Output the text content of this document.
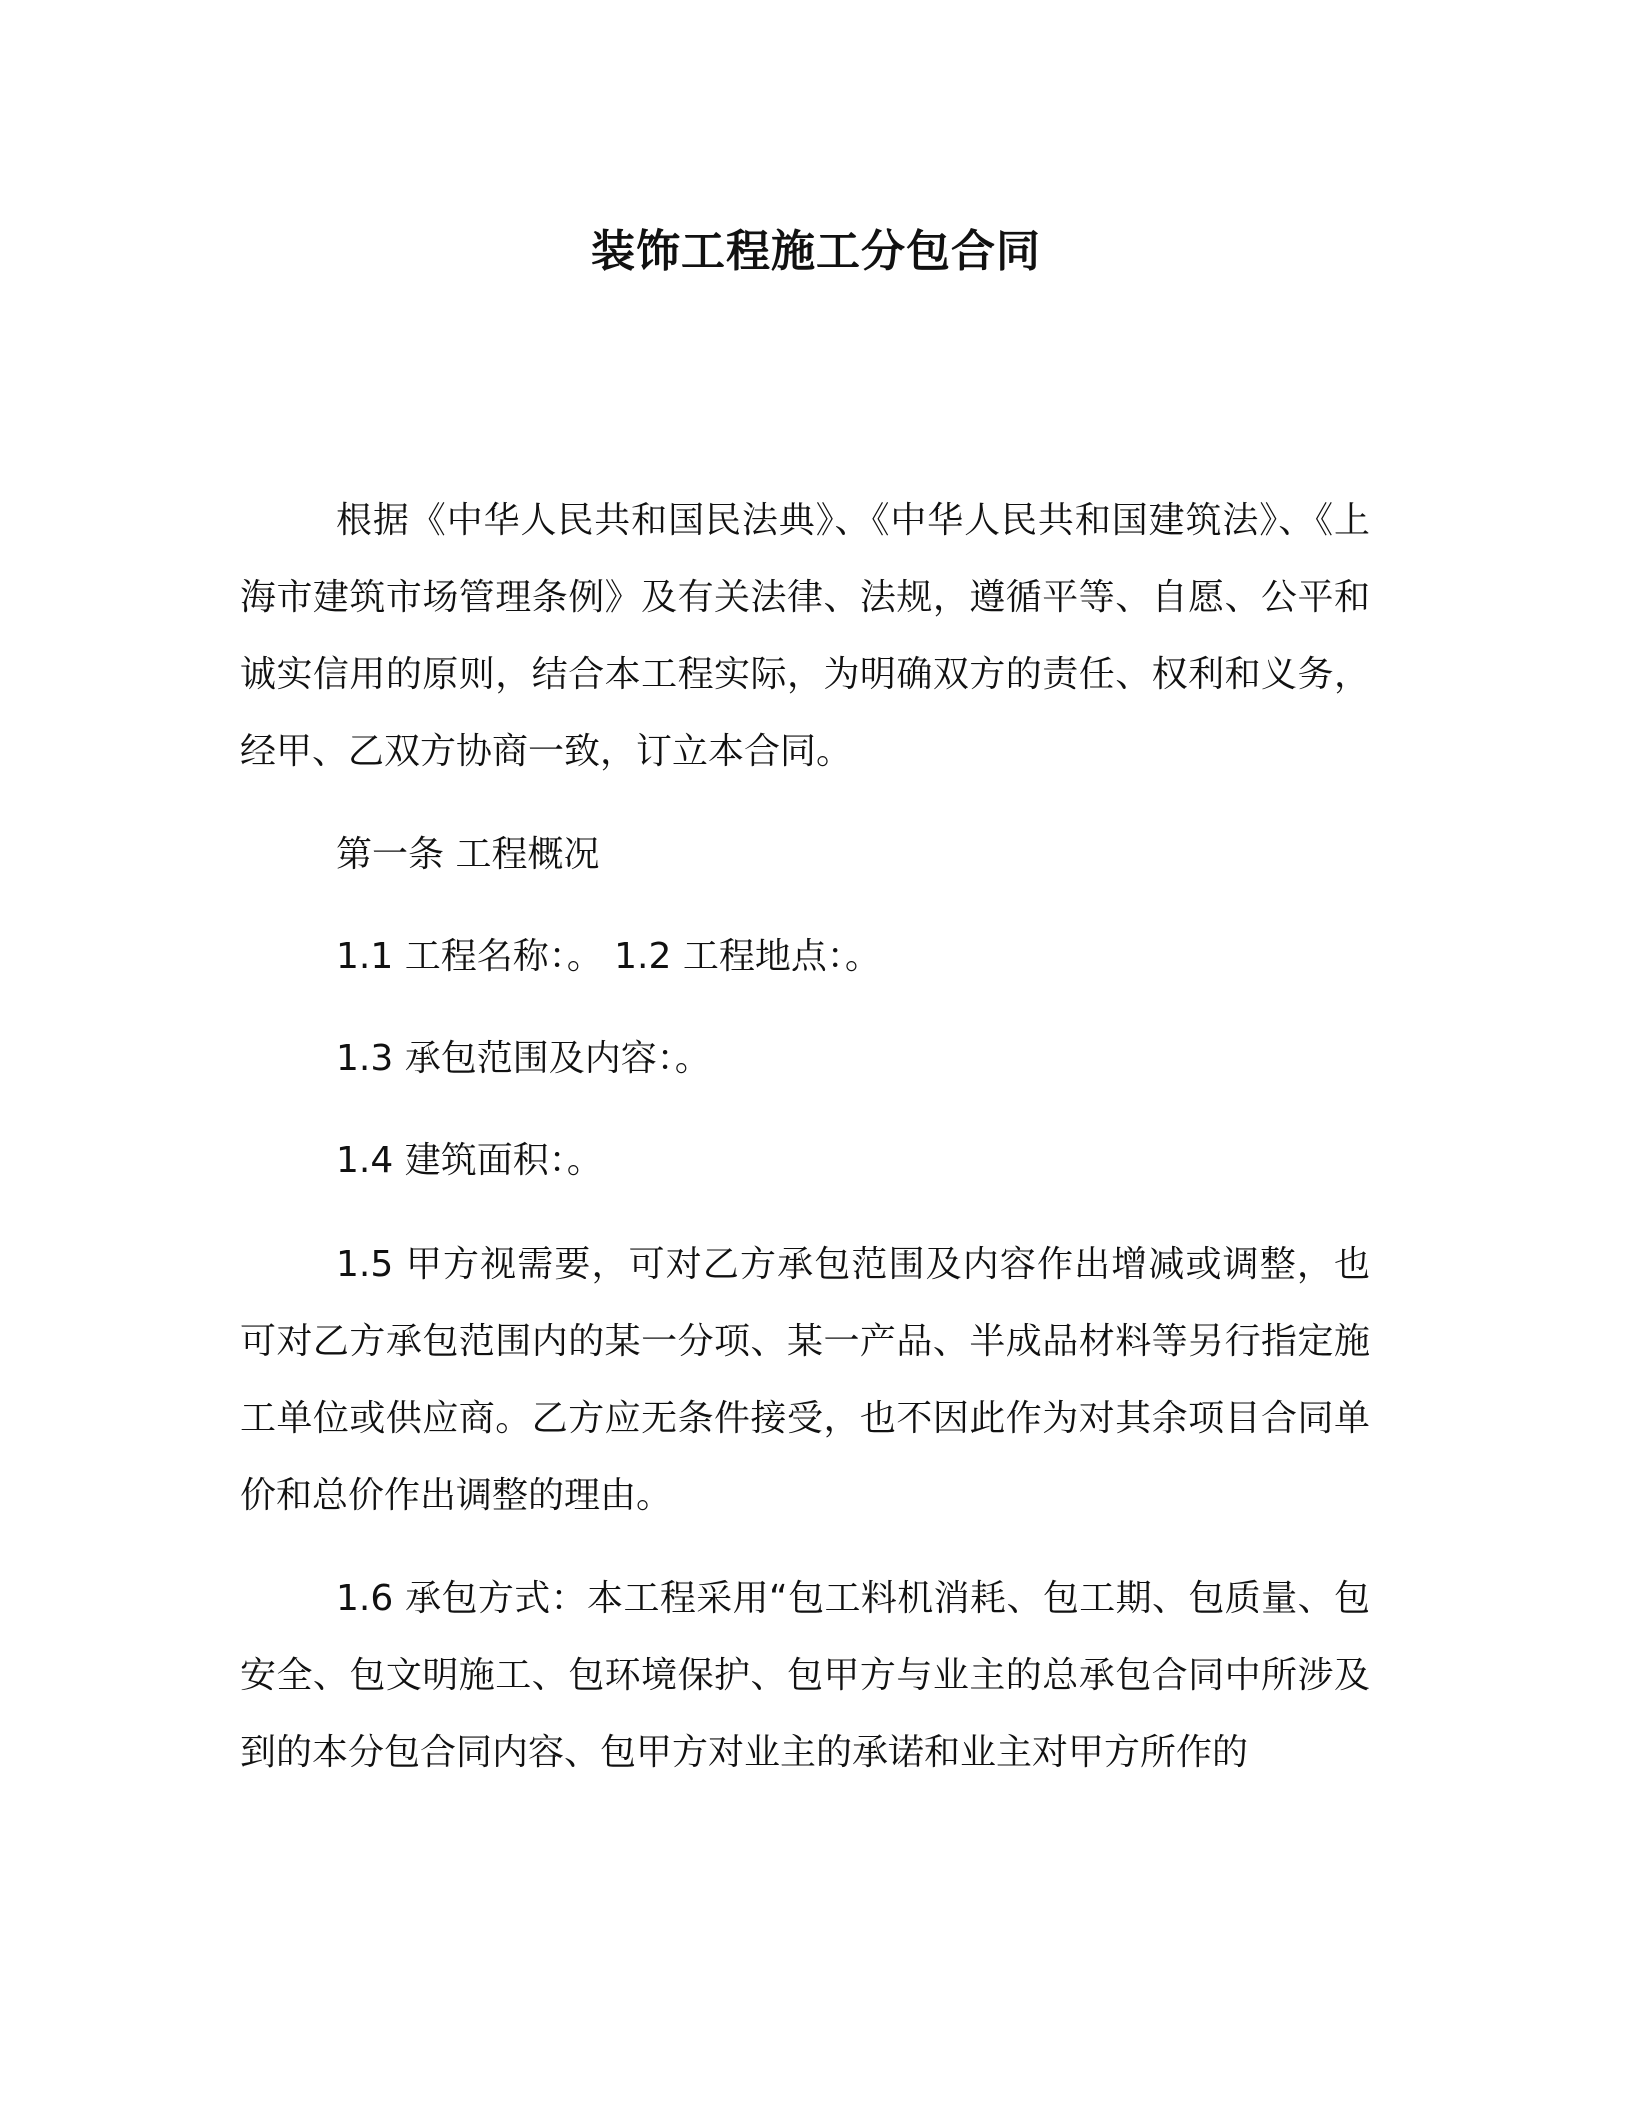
装饰工程施工分包合同

根据《中华人民共和国民法典》、《中华人民共和国建筑法》、《上海市建筑市场管理条例》及有关法律、法规，遵循平等、自愿、公平和诚实信用的原则，结合本工程实际，为明确双方的责任、权利和义务，经甲、乙双方协商一致，订立本合同。

第一条 工程概况

1.1 工程名称：。 1.2 工程地点：。

1.3 承包范围及内容：。

1.4 建筑面积：。

1.5 甲方视需要，可对乙方承包范围及内容作出增减或调整，也可对乙方承包范围内的某一分项、某一产品、半成品材料等另行指定施工单位或供应商。乙方应无条件接受，也不因此作为对其余项目合同单价和总价作出调整的理由。

1.6 承包方式：本工程采用“包工料机消耗、包工期、包质量、包安全、包文明施工、包环境保护、包甲方与业主的总承包合同中所涉及到的本分包合同内容、包甲方对业主的承诺和业主对甲方所作的
